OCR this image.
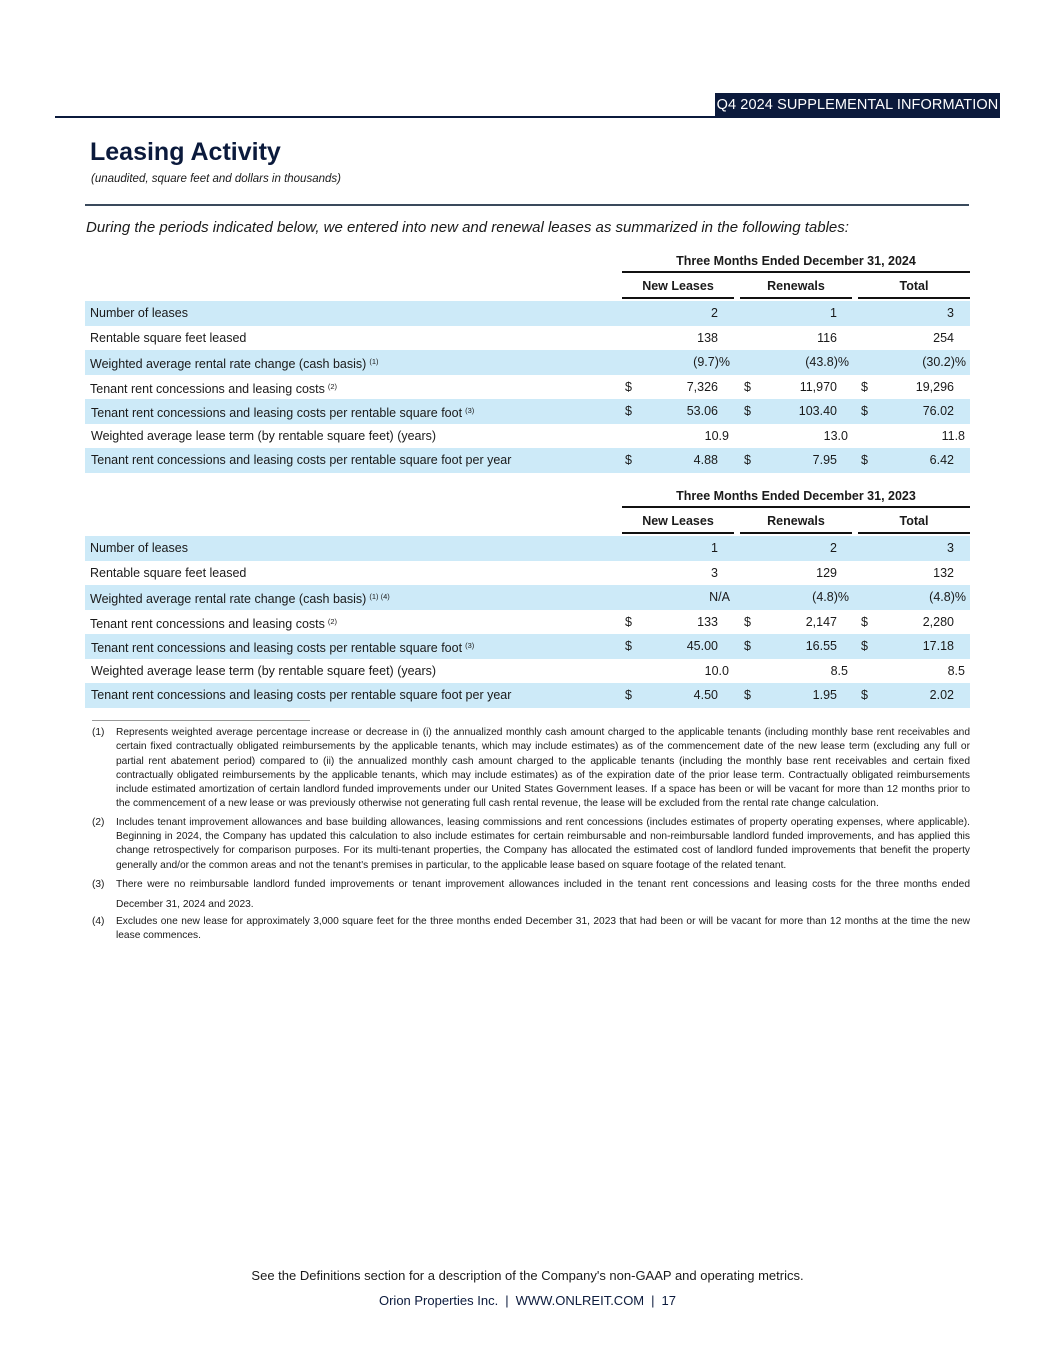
Q4 2024 SUPPLEMENTAL INFORMATION
Leasing Activity
(unaudited, square feet and dollars in thousands)
During the periods indicated below, we entered into new and renewal leases as summarized in the following tables:
Three Months Ended December 31, 2024
New Leases	Renewals	Total
Number of leases	2	1	3
Rentable square feet leased	138	116	254
Weighted average rental rate change (cash basis) $^{(1)}$	(9.7)%	(43.8)%	(30.2)%
Tenant rent concessions and leasing costs $^{(2)}$	$	7,326 $	11,970 $	19,296
Tenant rent concessions and leasing costs per rentable square foot $^{(3)}$	$	53.06 $	103.40 $	76.02
Weighted average lease term (by rentable square feet) (years)	10.9	13.0	11.8
Tenant rent concessions and leasing costs per rentable square foot per year	$	4.88 $	7.95 $	6.42
Three Months Ended December 31, 2023
New Leases	Renewals	Total
Number of leases	1	2	3
Rentable square feet leased	3	129	132
Weighted average rental rate change (cash basis) $^{(1) (4)}$	N/A	(4.8)%	(4.8)%
Tenant rent concessions and leasing costs $^{(2)}$	$	133 $	2,147 $	2,280
Tenant rent concessions and leasing costs per rentable square foot $^{(3)}$	$	45.00 $	16.55 $	17.18
Weighted average lease term (by rentable square feet) (years)	10.0	8.5	8.5
Tenant rent concessions and leasing costs per rentable square foot per year	$	4.50 $	1.95 $	2.02
(1) Represents weighted average percentage increase or decrease in (i) the annualized monthly cash amount charged to the applicable tenants (including monthly base rent receivables and certain fixed contractually obligated reimbursements by the applicable tenants, which may include estimates) as of the commencement date of the new lease term (excluding any full or partial rent abatement period) compared to (ii) the annualized monthly cash amount charged to the applicable tenants (including the monthly base rent receivables and certain fixed contractually obligated reimbursements by the applicable tenants, which may include estimates) as of the expiration date of the prior lease term. Contractually obligated reimbursements include estimated amortization of certain landlord funded improvements under our United States Government leases. If a space has been or will be vacant for more than 12 months prior to the commencement of a new lease or was previously otherwise not generating full cash rental revenue, the lease will be excluded from the rental rate change calculation.
(2) Includes tenant improvement allowances and base building allowances, leasing commissions and rent concessions (includes estimates of property operating expenses, where applicable). Beginning in 2024, the Company has updated this calculation to also include estimates for certain reimbursable and non-reimbursable landlord funded improvements, and has applied this change retrospectively for comparison purposes. For its multi-tenant properties, the Company has allocated the estimated cost of landlord funded improvements that benefit the property generally and/or the common areas and not the tenant's premises in particular, to the applicable lease based on square footage of the related tenant.
(3) There were no reimbursable landlord funded improvements or tenant improvement allowances included in the tenant rent concessions and leasing costs for the three months ended December 31, 2024 and 2023.
(4) Excludes one new lease for approximately 3,000 square feet for the three months ended December 31, 2023 that had been or will be vacant for more than 12 months at the time the new lease commences.
See the Definitions section for a description of the Company's non-GAAP and operating metrics.
Orion Properties Inc. | WWW.ONLREIT.COM | 17
